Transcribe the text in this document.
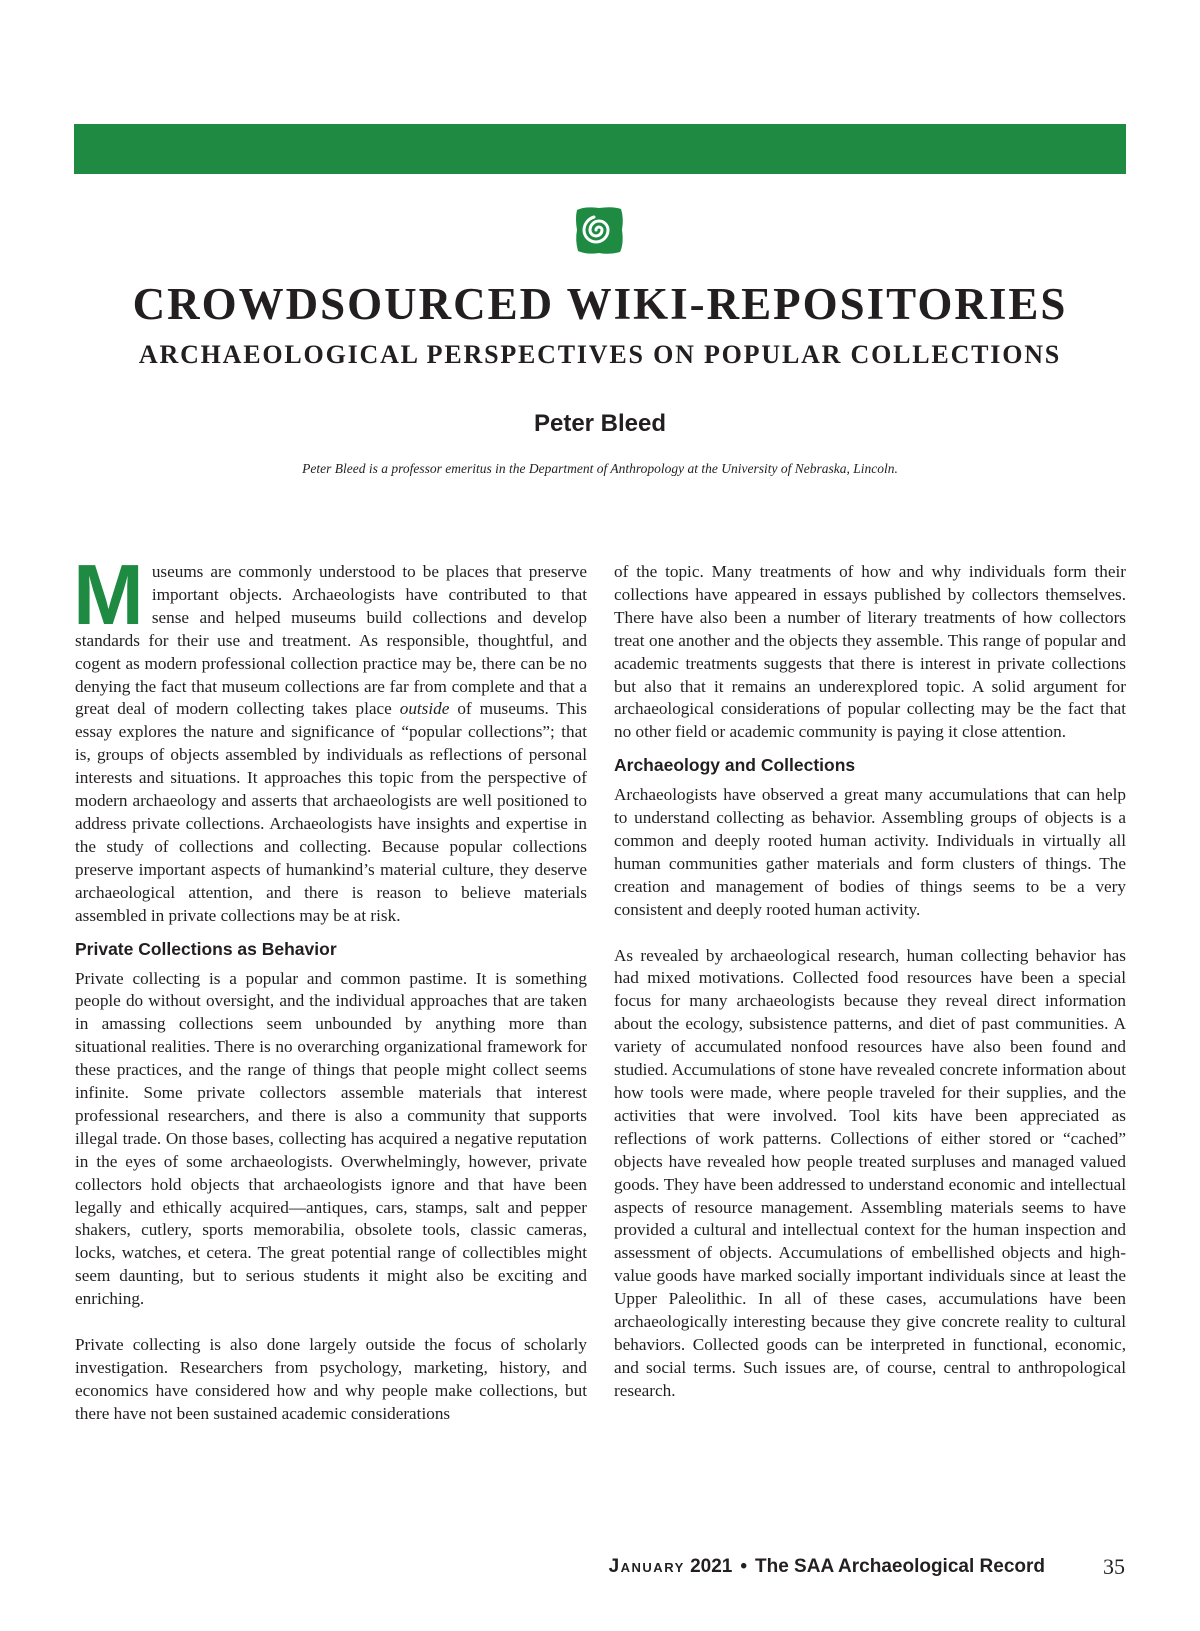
CROWDSOURCED WIKI-REPOSITORIES
ARCHAEOLOGICAL PERSPECTIVES ON POPULAR COLLECTIONS
Peter Bleed
Peter Bleed is a professor emeritus in the Department of Anthropology at the University of Nebraska, Lincoln.

Museums are commonly understood to be places that preserve important objects. Archaeologists have contributed to that sense and helped museums build collections and develop standards for their use and treatment. As responsible, thoughtful, and cogent as modern professional collection practice may be, there can be no denying the fact that museum collections are far from complete and that a great deal of modern collecting takes place outside of museums. This essay explores the nature and significance of “popular collections”; that is, groups of objects assembled by individuals as reflections of personal interests and situations. It approaches this topic from the perspective of modern archaeology and asserts that archaeologists are well positioned to address private collections. Archaeologists have insights and expertise in the study of collections and collecting. Because popular collections preserve important aspects of humankind’s material culture, they deserve archaeological attention, and there is reason to believe materials assembled in private collections may be at risk.

Private Collections as Behavior

Private collecting is a popular and common pastime. It is something people do without oversight, and the individual approaches that are taken in amassing collections seem unbounded by anything more than situational realities. There is no overarching organizational framework for these practices, and the range of things that people might collect seems infinite. Some private collectors assemble materials that interest professional researchers, and there is also a community that supports illegal trade. On those bases, collecting has acquired a negative reputation in the eyes of some archaeologists. Overwhelmingly, however, private collectors hold objects that archaeologists ignore and that have been legally and ethically acquired—antiques, cars, stamps, salt and pepper shakers, cutlery, sports memorabilia, obsolete tools, classic cameras, locks, watches, et cetera. The great potential range of collectibles might seem daunting, but to serious students it might also be exciting and enriching.

Private collecting is also done largely outside the focus of scholarly investigation. Researchers from psychology, marketing, history, and economics have considered how and why people make collections, but there have not been sustained academic considerations

of the topic. Many treatments of how and why individuals form their collections have appeared in essays published by collectors themselves. There have also been a number of literary treatments of how collectors treat one another and the objects they assemble. This range of popular and academic treatments suggests that there is interest in private collections but also that it remains an underexplored topic. A solid argument for archaeological considerations of popular collecting may be the fact that no other field or academic community is paying it close attention.

Archaeology and Collections

Archaeologists have observed a great many accumulations that can help to understand collecting as behavior. Assembling groups of objects is a common and deeply rooted human activity. Individuals in virtually all human communities gather materials and form clusters of things. The creation and management of bodies of things seems to be a very consistent and deeply rooted human activity.

As revealed by archaeological research, human collecting behavior has had mixed motivations. Collected food resources have been a special focus for many archaeologists because they reveal direct information about the ecology, subsistence patterns, and diet of past communities. A variety of accumulated nonfood resources have also been found and studied. Accumulations of stone have revealed concrete information about how tools were made, where people traveled for their supplies, and the activities that were involved. Tool kits have been appreciated as reflections of work patterns. Collections of either stored or “cached” objects have revealed how people treated surpluses and managed valued goods. They have been addressed to understand economic and intellectual aspects of resource management. Assembling materials seems to have provided a cultural and intellectual context for the human inspection and assessment of objects. Accumulations of embellished objects and high-value goods have marked socially important individuals since at least the Upper Paleolithic. In all of these cases, accumulations have been archaeologically interesting because they give concrete reality to cultural behaviors. Collected goods can be interpreted in functional, economic, and social terms. Such issues are, of course, central to anthropological research.

January 2021 • The SAA Archaeological Record	35
